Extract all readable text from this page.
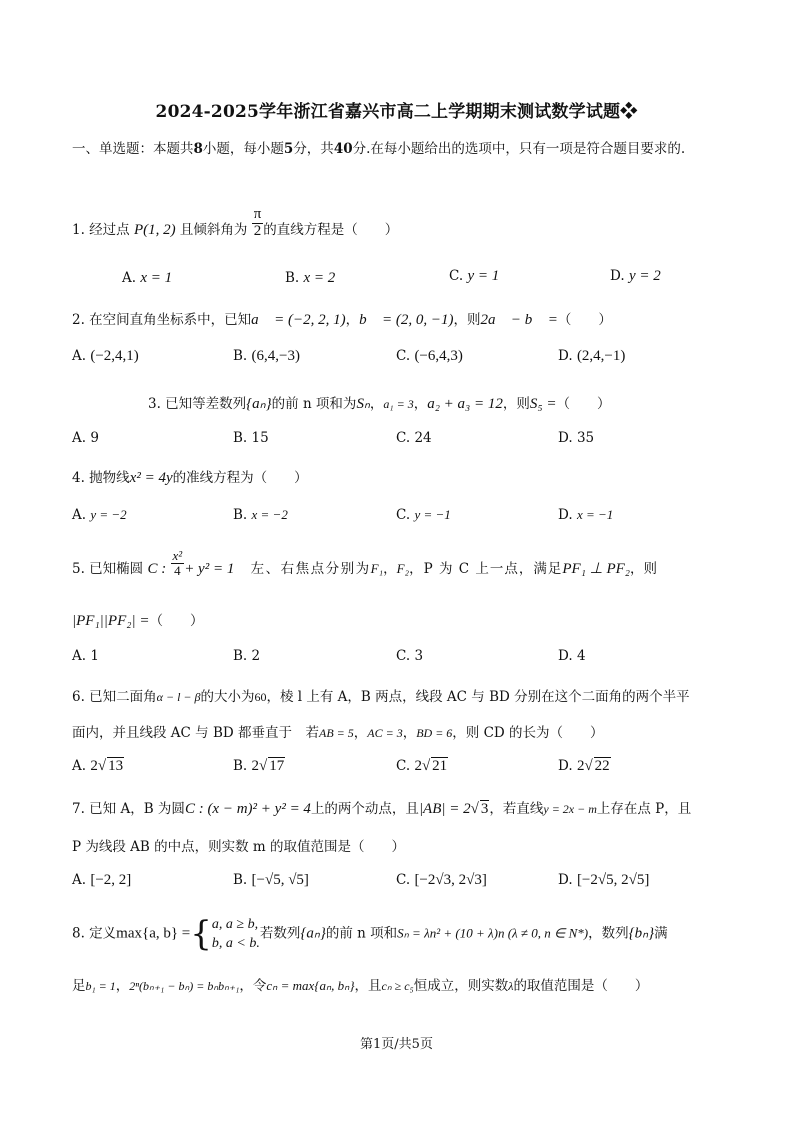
2024-2025学年浙江省嘉兴市高二上学期期末测试数学试题❖
一、单选题：本题共8小题，每小题5分，共40分.在每小题给出的选项中，只有一项是符合题目要求的.
1. 经过点 P(1, 2) 且倾斜角为 $\frac{\pi}{2}$ 的直线方程是（　　）
A. x = 1	B. x = 2	C. y = 1	D. y = 2
2. 在空间直角坐标系中，已知a⃗ = (−2, 2, 1)，b⃗ = (2, 0, −1)，则2a⃗ − b⃗ =（　　）
A. (−2,4,1)	B. (6,4,−3)	C. (−6,4,3)	D. (2,4,−1)
3. 已知等差数列{aₙ}的前 n 项和为Sₙ，a₁ = 3，a₂ + a₃ = 12，则S₅ =（　　）
A. 9	B. 15	C. 24	D. 35
4. 抛物线x² = 4y的准线方程为（　　）
A. y = −2	B. x = −2	C. y = −1	D. x = −1
5. 已知椭圆 C : $\frac{\text{x²}}{4} + y^2 = 1$ 左、右焦点分别为F₁，F₂，P 为 C 上一点，满足PF₁ ⊥ PF₂，则
|PF₁||PF₂| =（　　）
A. 1	B. 2	C. 3	D. 4
6. 已知二面角α − l − β的大小为60，棱 l 上有 A，B 两点，线段 AC 与 BD 分别在这个二面角的两个半平
面内，并且线段 AC 与 BD 都垂直于　若AB = 5，AC = 3，BD = 6，则 CD 的长为（　　）
A. 2√ 13	B. 2√ 17	C. 2√ 21	D. 2√ 22
7. 已知 A，B 为圆C : (x − m)² + y² = 4上的两个动点，且|AB| = 2√ 3，若直线y = 2x − m上存在点 P，且
P 为线段 AB 的中点，则实数 m 的取值范围是（　　）
A. [−2, 2]	B. [−√5, √5]	C. [−2√3, 2√3]	D. [−2√5, 2√5]
8. 定义max{a, b} ={ a, a ≥ b,
b, a < b.
若数列{aₙ}的前 n 项和Sₙ = λn² + (10 + λ)n (λ ≠ 0, n ∈ N*)，数列{bₙ}满
足b₁ = 1，2ⁿ(bₙ₊₁ − bₙ) = bₙbₙ₊₁，令cₙ = max{aₙ, bₙ}，且cₙ ≥ c₅恒成立，则实数λ的取值范围是（　　）
第1页/共5页
